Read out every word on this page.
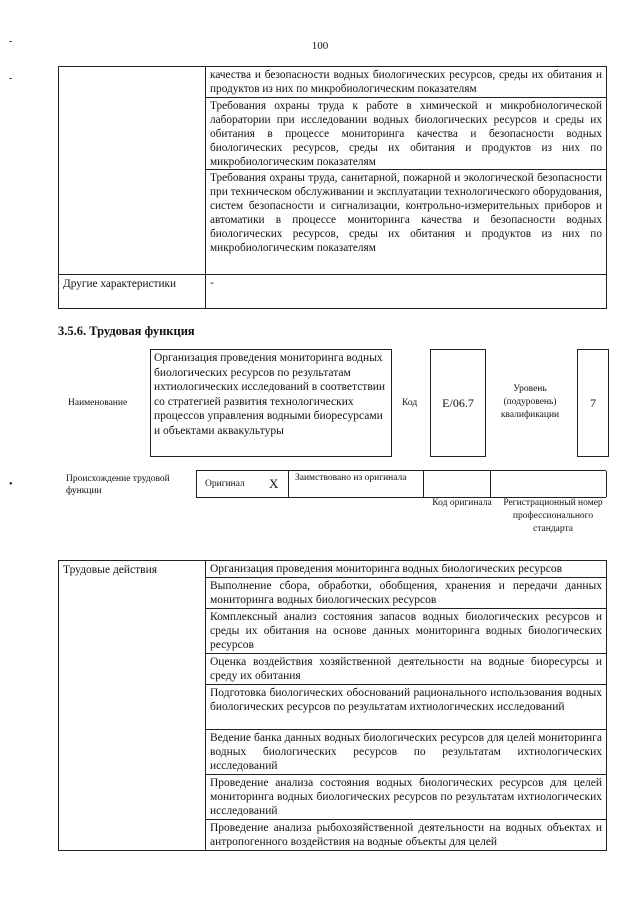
-
-
•
100
	качества и безопасности водных биологических ресурсов, среды их обитания и продуктов из них по микробиологическим показателям
	Требования охраны труда к работе в химической и микробиологической лаборатории при исследовании водных биологических ресурсов и среды их обитания в процессе мониторинга качества и безопасности водных биологических ресурсов, среды их обитания и продуктов из них по микробиологическим показателям
	Требования охраны труда, санитарной, пожарной и экологической безопасности при техническом обслуживании и эксплуатации технологического оборудования, систем безопасности и сигнализации, контрольно-измерительных приборов и автоматики в процессе мониторинга качества и безопасности водных биологических ресурсов, среды их обитания и продуктов из них по микробиологическим показателям
Другие характеристики	-
3.5.6. Трудовая функция
Наименование
Организация проведения мониторинга водных биологических ресурсов по результатам ихтиологических исследований в соответствии со стратегией развития технологических процессов управления водными биоресурсами и объектами аквакультуры
Код	E/06.7
Уровень (подуровень) квалификации
7
Происхождение трудовой функции
Оригинал X Заимствовано из оригинала
Код оригинала Регистрационный номер профессионального стандарта
Трудовые действия	Организация проведения мониторинга водных биологических ресурсов
Выполнение сбора, обработки, обобщения, хранения и передачи данных мониторинга водных биологических ресурсов
Комплексный анализ состояния запасов водных биологических ресурсов и среды их обитания на основе данных мониторинга водных биологических ресурсов
Оценка воздействия хозяйственной деятельности на водные биоресурсы и среду их обитания
Подготовка биологических обоснований рационального использования водных биологических ресурсов по результатам ихтиологических исследований
Ведение банка данных водных биологических ресурсов для целей мониторинга водных биологических ресурсов по результатам ихтиологических исследований
Проведение анализа состояния водных биологических ресурсов для целей мониторинга водных биологических ресурсов по результатам ихтиологических исследований
Проведение анализа рыбохозяйственной деятельности на водных объектах и антропогенного воздействия на водные объекты для целей
